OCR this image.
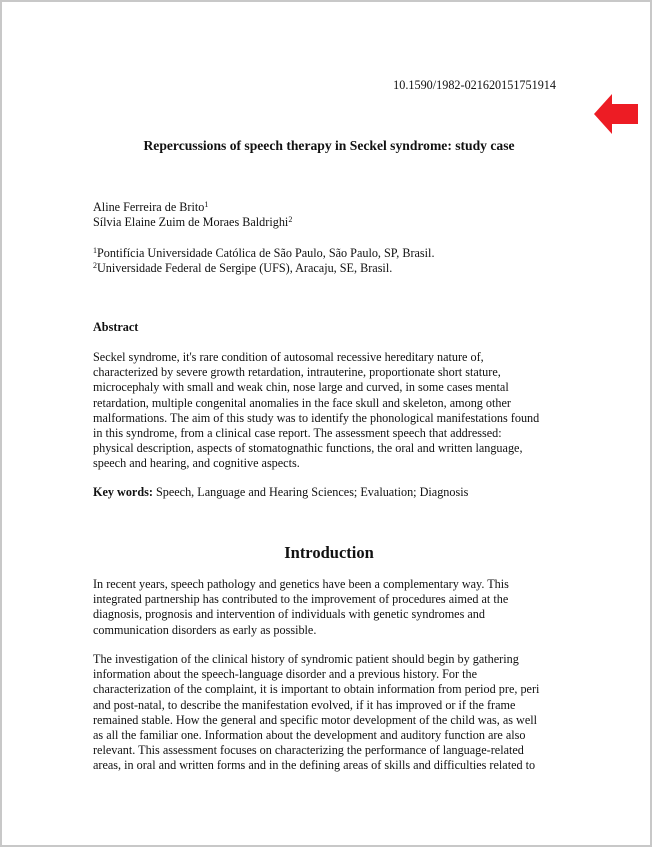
10.1590/1982-021620151751914
Repercussions of speech therapy in Seckel syndrome: study case
Aline Ferreira de Brito$^1$
Sílvia Elaine Zuim de Moraes Baldrighi$^2$
$^1$Pontifícia Universidade Católica de São Paulo, São Paulo, SP, Brasil.
$^2$Universidade Federal de Sergipe (UFS), Aracaju, SE, Brasil.
Abstract
Seckel syndrome, it's rare condition of autosomal recessive hereditary nature of,
characterized by severe growth retardation, intrauterine, proportionate short stature,
microcephaly with small and weak chin, nose large and curved, in some cases mental
retardation, multiple congenital anomalies in the face skull and skeleton, among other
malformations. The aim of this study was to identify the phonological manifestations found
in this syndrome, from a clinical case report. The assessment speech that addressed:
physical description, aspects of stomatognathic functions, the oral and written language,
speech and hearing, and cognitive aspects.
Key words: Speech, Language and Hearing Sciences; Evaluation; Diagnosis
Introduction
In recent years, speech pathology and genetics have been a complementary way. This
integrated partnership has contributed to the improvement of procedures aimed at the
diagnosis, prognosis and intervention of individuals with genetic syndromes and
communication disorders as early as possible.
The investigation of the clinical history of syndromic patient should begin by gathering
information about the speech-language disorder and a previous history. For the
characterization of the complaint, it is important to obtain information from period pre, peri
and post-natal, to describe the manifestation evolved, if it has improved or if the frame
remained stable. How the general and specific motor development of the child was, as well
as all the familiar one. Information about the development and auditory function are also
relevant. This assessment focuses on characterizing the performance of language-related
areas, in oral and written forms and in the defining areas of skills and difficulties related to
